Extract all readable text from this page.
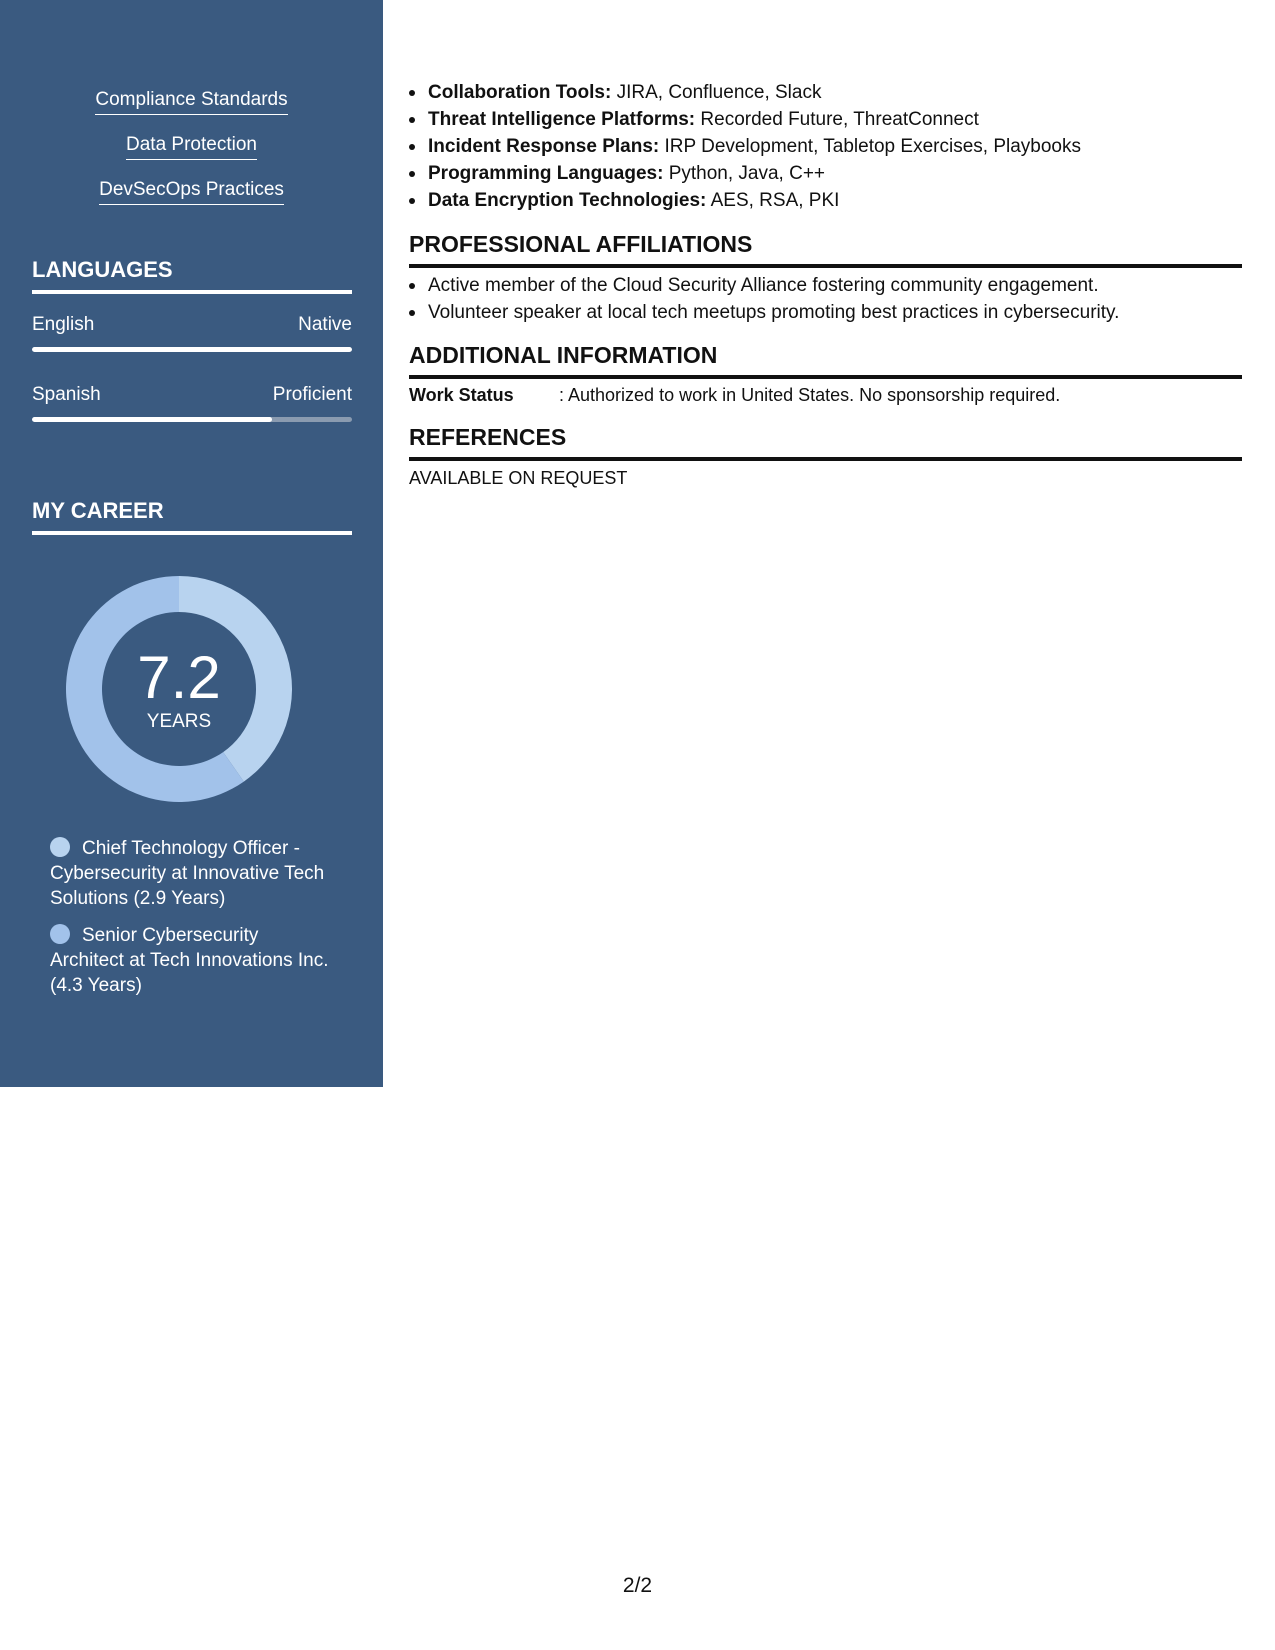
Compliance Standards
Data Protection
DevSecOps Practices
LANGUAGES
English	Native
Spanish	Proficient
MY CAREER
7.2
YEARS
Chief Technology Officer - Cybersecurity at Innovative Tech Solutions (2.9 Years)
Senior Cybersecurity Architect at Tech Innovations Inc. (4.3 Years)
Collaboration Tools: JIRA, Confluence, Slack
Threat Intelligence Platforms: Recorded Future, ThreatConnect
Incident Response Plans: IRP Development, Tabletop Exercises, Playbooks
Programming Languages: Python, Java, C++
Data Encryption Technologies: AES, RSA, PKI
PROFESSIONAL AFFILIATIONS
Active member of the Cloud Security Alliance fostering community engagement.
Volunteer speaker at local tech meetups promoting best practices in cybersecurity.
ADDITIONAL INFORMATION
Work Status	: Authorized to work in United States. No sponsorship required.
REFERENCES
AVAILABLE ON REQUEST
2/2
